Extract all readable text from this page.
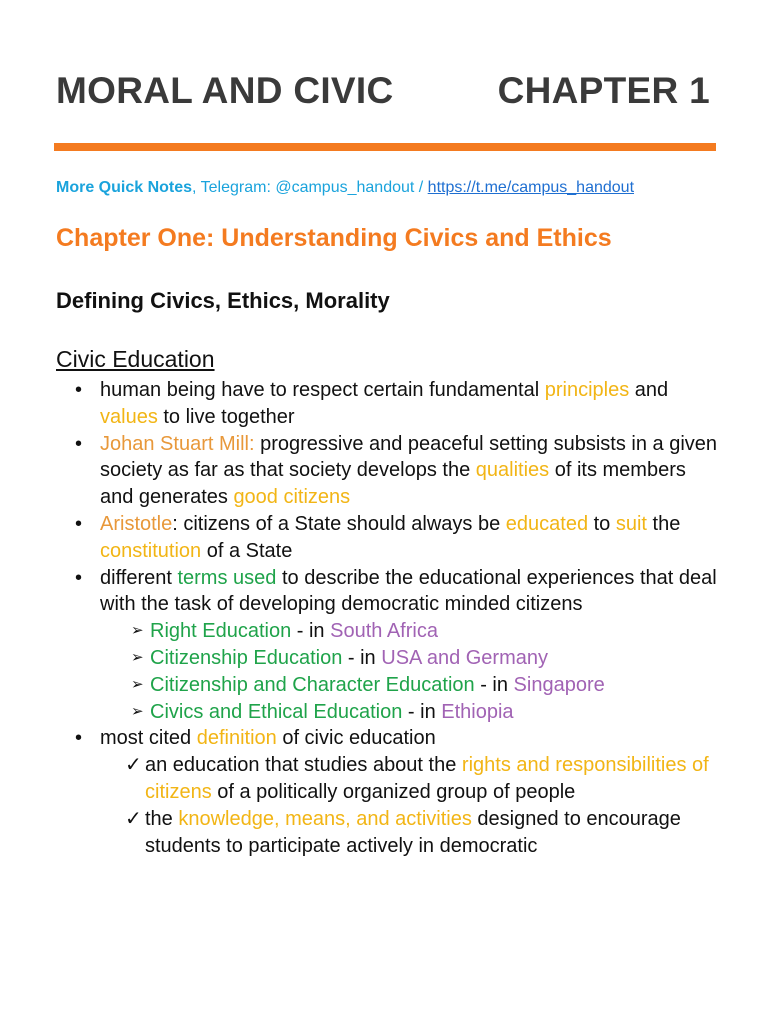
MORAL AND CIVIC	CHAPTER 1
More Quick Notes, Telegram: @campus_handout / https://t.me/campus_handout
Chapter One: Understanding Civics and Ethics
Defining Civics, Ethics, Morality
Civic Education
• human being have to respect certain fundamental principles and values to live together
• Johan Stuart Mill: progressive and peaceful setting subsists in a given society as far as that society develops the qualities of its members and generates good citizens
• Aristotle: citizens of a State should always be educated to suit the constitution of a State
• different terms used to describe the educational experiences that deal with the task of developing democratic minded citizens
➢ Right Education - in South Africa
➢ Citizenship Education - in USA and Germany
➢ Citizenship and Character Education - in Singapore
➢ Civics and Ethical Education - in Ethiopia
• most cited definition of civic education
✓ an education that studies about the rights and responsibilities of citizens of a politically organized group of people
✓ the knowledge, means, and activities designed to encourage students to participate actively in democratic
